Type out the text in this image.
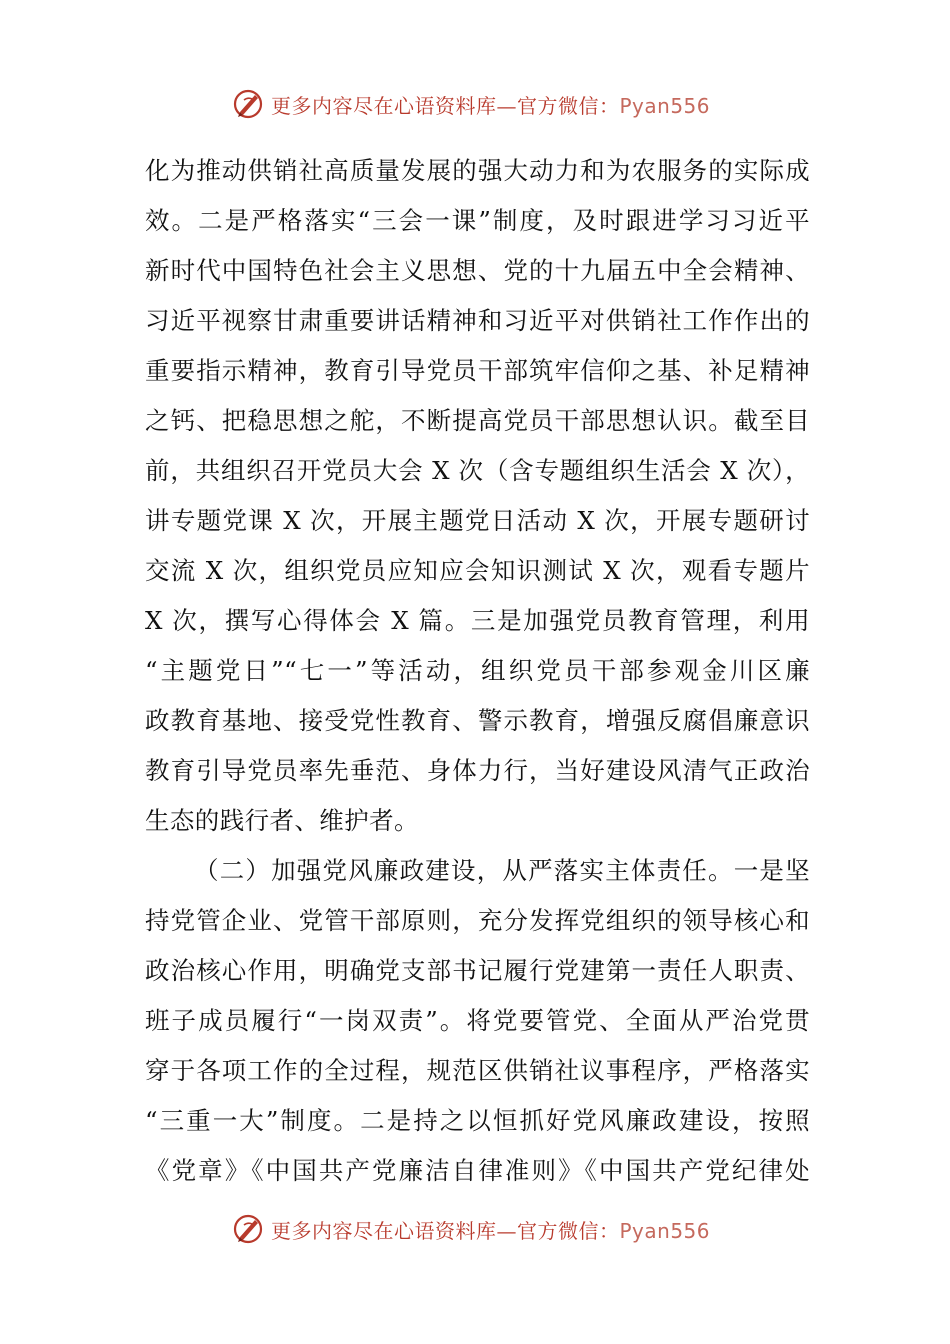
更多内容尽在心语资料库—官方微信：Pyan556
化为推动供销社高质量发展的强大动力和为农服务的实际成
效。二是严格落实“三会一课”制度，及时跟进学习习近平
新时代中国特色社会主义思想、党的十九届五中全会精神、
习近平视察甘肃重要讲话精神和习近平对供销社工作作出的
重要指示精神，教育引导党员干部筑牢信仰之基、补足精神
之钙、把稳思想之舵，不断提高党员干部思想认识。截至目
前，共组织召开党员大会 X 次（含专题组织生活会 X 次），
讲专题党课 X 次，开展主题党日活动 X 次，开展专题研讨
交流 X 次，组织党员应知应会知识测试 X 次，观看专题片
X 次，撰写心得体会 X 篇。三是加强党员教育管理，利用
“主题党日”“七一”等活动，组织党员干部参观金川区廉
政教育基地、接受党性教育、警示教育，增强反腐倡廉意识
教育引导党员率先垂范、身体力行，当好建设风清气正政治
生态的践行者、维护者。
（二）加强党风廉政建设，从严落实主体责任。一是坚
持党管企业、党管干部原则，充分发挥党组织的领导核心和
政治核心作用，明确党支部书记履行党建第一责任人职责、
班子成员履行“一岗双责”。将党要管党、全面从严治党贯
穿于各项工作的全过程，规范区供销社议事程序，严格落实
“三重一大”制度。二是持之以恒抓好党风廉政建设，按照
《党章》《中国共产党廉洁自律准则》《中国共产党纪律处
更多内容尽在心语资料库—官方微信：Pyan556
